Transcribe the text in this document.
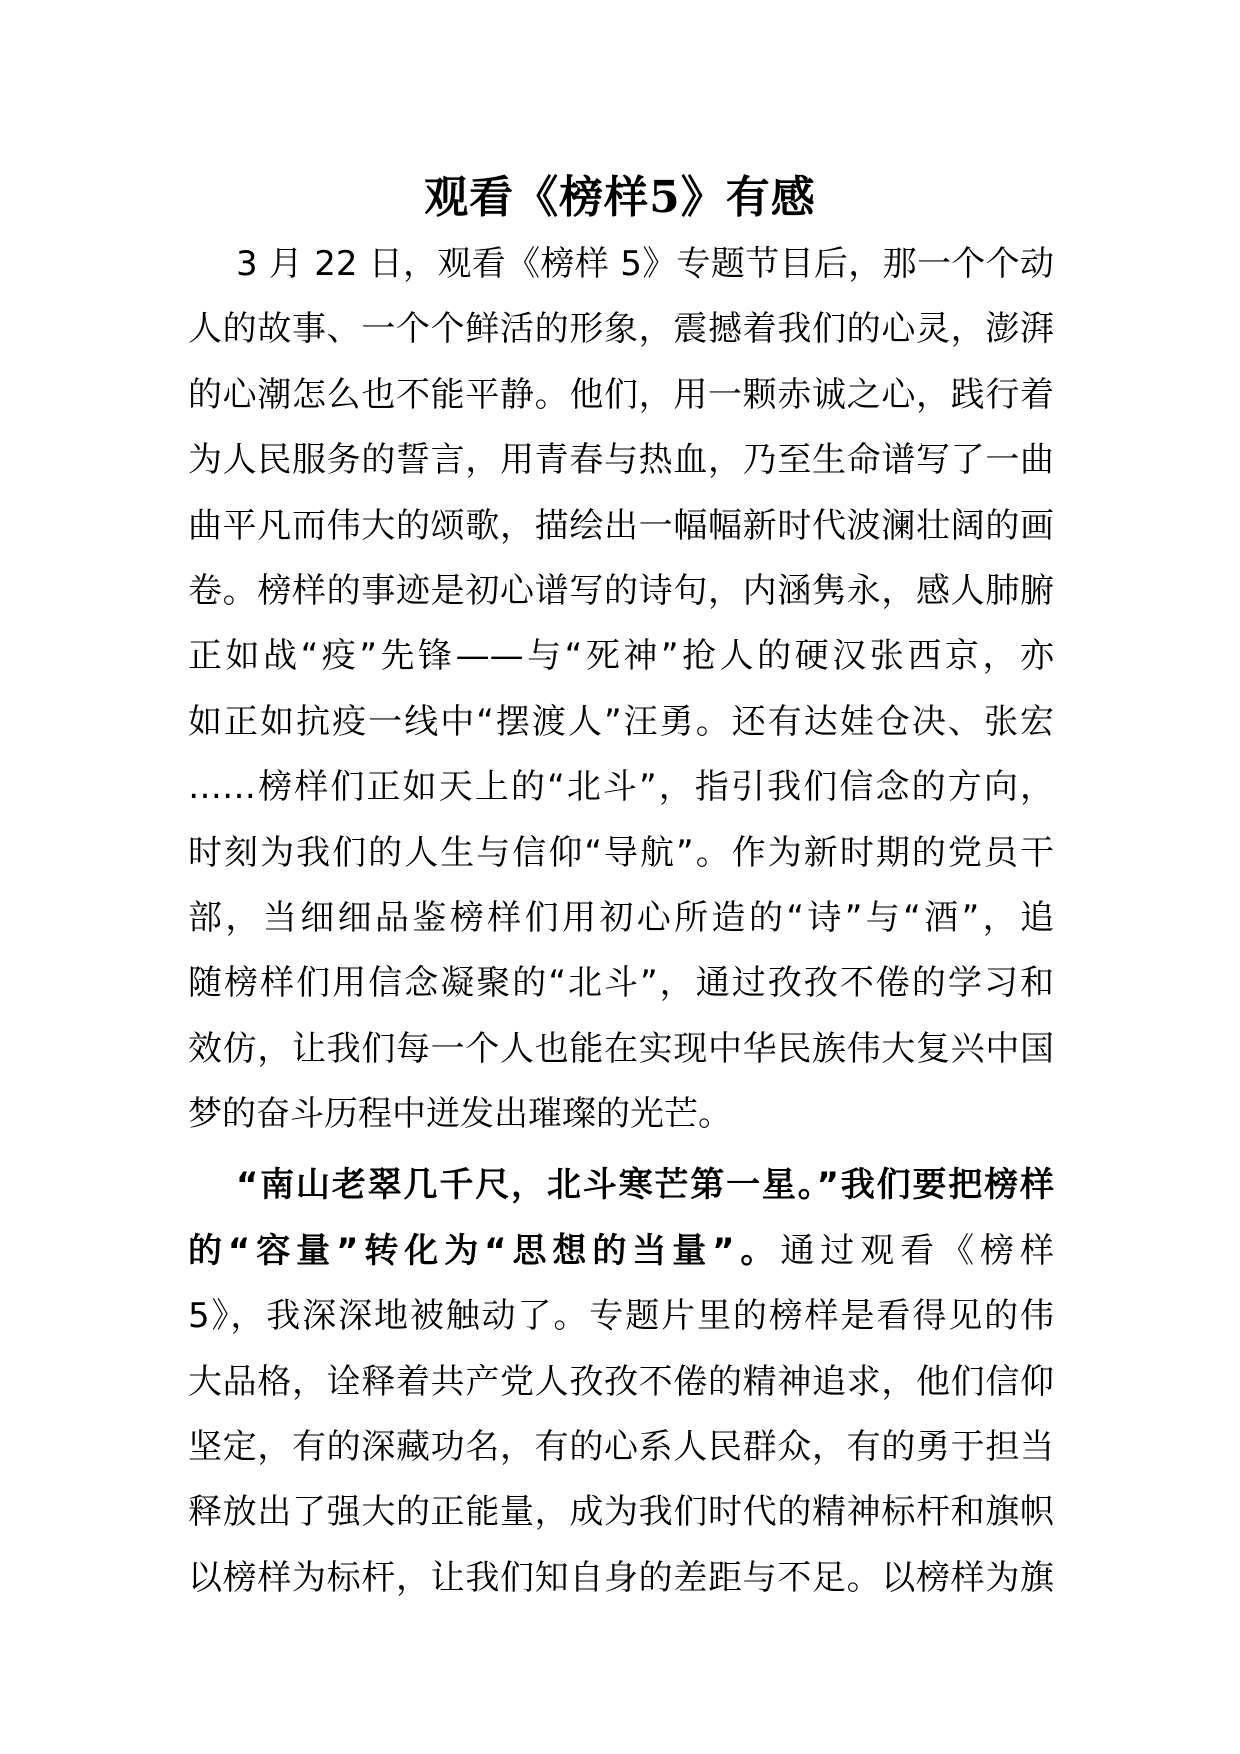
观看《榜样5》有感
3 月 22 日，观看《榜样 5》专题节目后，那一个个动
人的故事、一个个鲜活的形象，震撼着我们的心灵，澎湃
的心潮怎么也不能平静。他们，用一颗赤诚之心，践行着
为人民服务的誓言，用青春与热血，乃至生命谱写了一曲
曲平凡而伟大的颂歌，描绘出一幅幅新时代波澜壮阔的画
卷。榜样的事迹是初心谱写的诗句，内涵隽永，感人肺腑
正如战“疫”先锋——与“死神”抢人的硬汉张西京，亦
如正如抗疫一线中“摆渡人”汪勇。还有达娃仓决、张宏
……榜样们正如天上的“北斗”，指引我们信念的方向，
时刻为我们的人生与信仰“导航”。作为新时期的党员干
部，当细细品鉴榜样们用初心所造的“诗”与“酒”，追
随榜样们用信念凝聚的“北斗”，通过孜孜不倦的学习和
效仿，让我们每一个人也能在实现中华民族伟大复兴中国
梦的奋斗历程中迸发出璀璨的光芒。
“南山老翠几千尺，北斗寒芒第一星。”我们要把榜样
的“容量”转化为“思想的当量”。通过观看《榜样
5》，我深深地被触动了。专题片里的榜样是看得见的伟
大品格，诠释着共产党人孜孜不倦的精神追求，他们信仰
坚定，有的深藏功名，有的心系人民群众，有的勇于担当
释放出了强大的正能量，成为我们时代的精神标杆和旗帜
以榜样为标杆，让我们知自身的差距与不足。以榜样为旗
